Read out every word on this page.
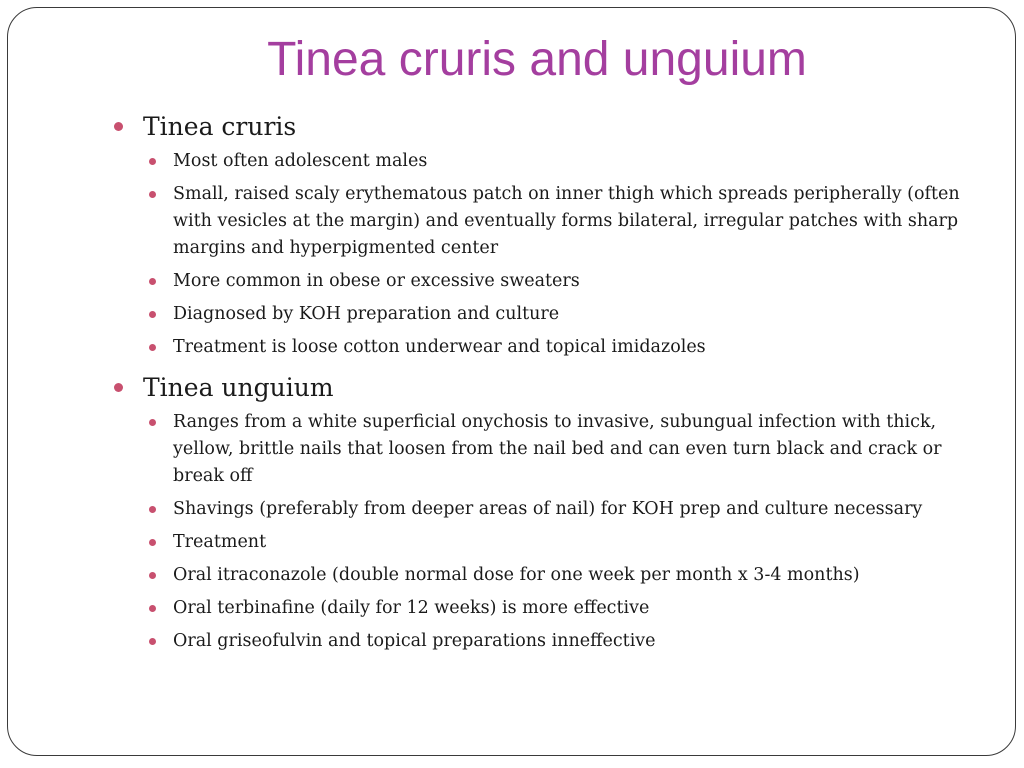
Tinea cruris and unguium
Tinea cruris
Most often adolescent males
Small, raised scaly erythematous patch on inner thigh which spreads peripherally (often with vesicles at the margin) and eventually forms bilateral, irregular patches with sharp margins and hyperpigmented center
More common in obese or excessive sweaters
Diagnosed by KOH preparation and culture
Treatment is loose cotton underwear and topical imidazoles
Tinea unguium
Ranges from a white superficial onychosis to invasive, subungual infection with thick, yellow, brittle nails that loosen from the nail bed and can even turn black and crack or break off
Shavings (preferably from deeper areas of nail) for KOH prep and culture necessary
Treatment
Oral itraconazole (double normal dose for one week per month x 3-4 months)
Oral terbinafine (daily for 12 weeks) is more effective
Oral griseofulvin and topical preparations inneffective
